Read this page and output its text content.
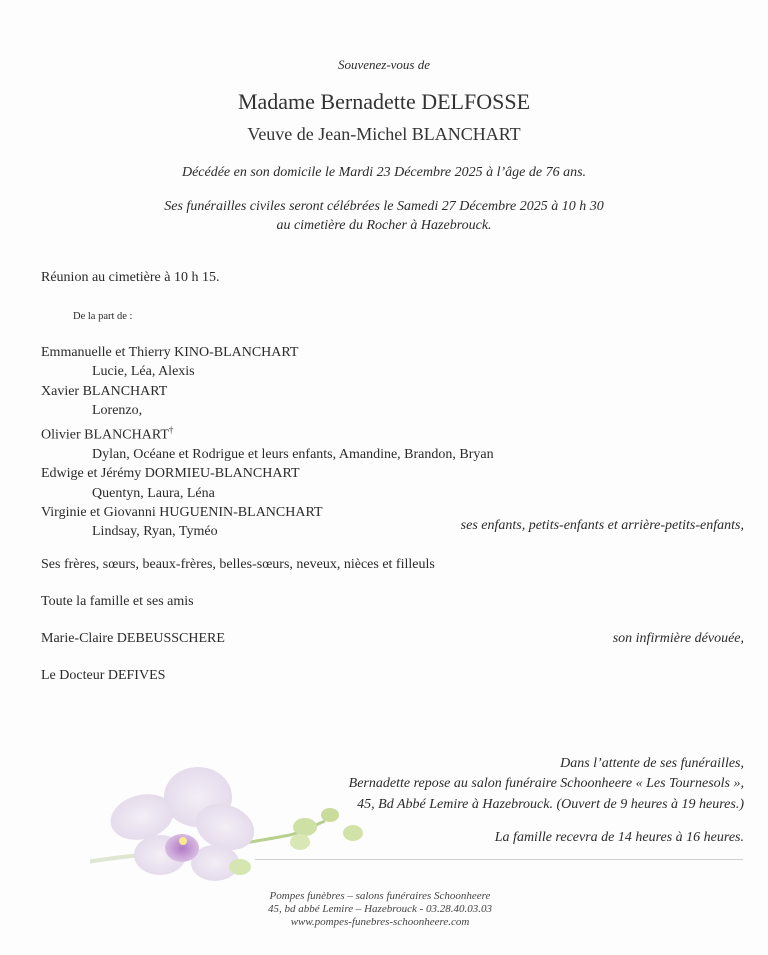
Souvenez-vous de
Madame Bernadette DELFOSSE
Veuve de Jean-Michel BLANCHART
Décédée en son domicile le Mardi 23 Décembre 2025 à l’âge de 76 ans.
Ses funérailles civiles seront célébrées le Samedi 27 Décembre 2025 à 10 h 30
au cimetière du Rocher à Hazebrouck.
Réunion au cimetière à 10 h 15.
De la part de :
Emmanuelle et Thierry KINO-BLANCHART
Lucie, Léa, Alexis
Xavier BLANCHART
Lorenzo,
Olivier BLANCHART†
Dylan, Océane et Rodrigue et leurs enfants, Amandine, Brandon, Bryan
Edwige et Jérémy DORMIEU-BLANCHART
Quentyn, Laura, Léna
Virginie et Giovanni HUGUENIN-BLANCHART
Lindsay, Ryan, Tyméo	ses enfants, petits-enfants et arrière-petits-enfants,
Ses frères, sœurs, beaux-frères, belles-sœurs, neveux, nièces et filleuls
Toute la famille et ses amis
Marie-Claire DEBEUSSCHERE	son infirmière dévouée,
Le Docteur DEFIVES
Dans l’attente de ses funérailles,
Bernadette repose au salon funéraire Schoonheere « Les Tournesols »,
45, Bd Abbé Lemire à Hazebrouck. (Ouvert de 9 heures à 19 heures.)
La famille recevra de 14 heures à 16 heures.
Pompes funèbres – salons funéraires Schoonheere
45, bd abbé Lemire – Hazebrouck - 03.28.40.03.03
www.pompes-funebres-schoonheere.com
